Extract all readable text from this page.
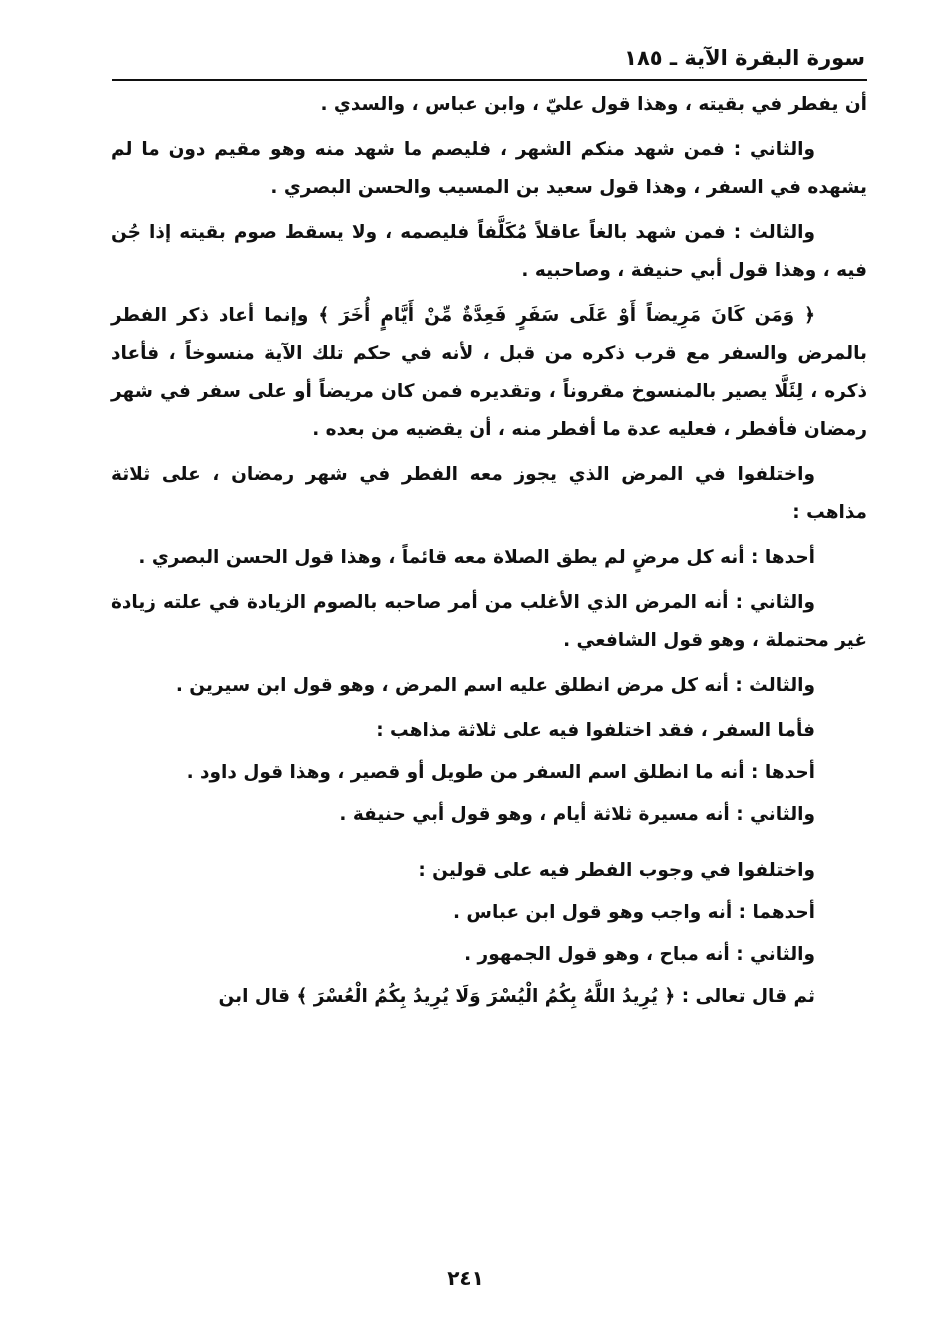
سورة البقرة الآية ـ ١٨٥

أن يفطر في بقيته ، وهذا قول عليّ ، وابن عباس ، والسدي .

والثاني : فمن شهد منكم الشهر ، فليصم ما شهد منه وهو مقيم دون ما لم يشهده في السفر ، وهذا قول سعيد بن المسيب والحسن البصري .

والثالث : فمن شهد بالغاً عاقلاً مُكَلَّفاً فليصمه ، ولا يسقط صوم بقيته إذا جُن فيه ، وهذا قول أبي حنيفة ، وصاحبيه .

﴿ وَمَن كَانَ مَرِيضاً أَوْ عَلَى سَفَرٍ فَعِدَّةٌ مِّنْ أَيَّامٍ أُخَرَ ﴾ وإنما أعاد ذكر الفطر بالمرض والسفر مع قرب ذكره من قبل ، لأنه في حكم تلك الآية منسوخاً ، فأعاد ذكره ، لِئَلَّا يصير بالمنسوخ مقروناً ، وتقديره فمن كان مريضاً أو على سفر في شهر رمضان فأفطر ، فعليه عدة ما أفطر منه ، أن يقضيه من بعده .

واختلفوا في المرض الذي يجوز معه الفطر في شهر رمضان ، على ثلاثة مذاهب :

أحدها : أنه كل مرضٍ لم يطق الصلاة معه قائماً ، وهذا قول الحسن البصري .

والثاني : أنه المرض الذي الأغلب من أمر صاحبه بالصوم الزيادة في علته زيادة غير محتملة ، وهو قول الشافعي .

والثالث : أنه كل مرض انطلق عليه اسم المرض ، وهو قول ابن سيرين .

فأما السفر ، فقد اختلفوا فيه على ثلاثة مذاهب :

أحدها : أنه ما انطلق اسم السفر من طويل أو قصير ، وهذا قول داود .

والثاني : أنه مسيرة ثلاثة أيام ، وهو قول أبي حنيفة .

واختلفوا في وجوب الفطر فيه على قولين :

أحدهما : أنه واجب وهو قول ابن عباس .

والثاني : أنه مباح ، وهو قول الجمهور .

ثم قال تعالى : ﴿ يُرِيدُ اللَّهُ بِكُمُ الْيُسْرَ وَلَا يُرِيدُ بِكُمُ الْعُسْرَ ﴾ قال ابن

٢٤١
